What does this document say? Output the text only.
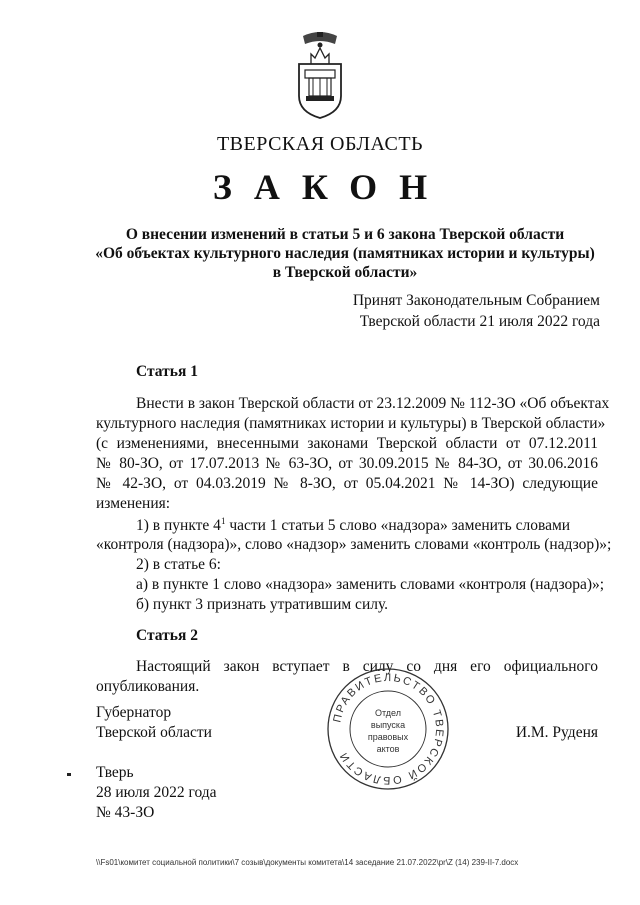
ТВЕРСКАЯ ОБЛАСТЬ
ЗАКОН
О внесении изменений в статьи 5 и 6 закона Тверской области
«Об объектах культурного наследия (памятниках истории и культуры)
в Тверской области»
Принят Законодательным Собранием
Тверской области 21 июля 2022 года
Статья 1
Внести в закон Тверской области от 23.12.2009 № 112-ЗО «Об объектах
культурного наследия (памятниках истории и культуры) в Тверской области»
(с изменениями, внесенными законами Тверской области от 07.12.2011
№ 80-ЗО, от 17.07.2013 № 63-ЗО, от 30.09.2015 № 84-ЗО, от 30.06.2016
№ 42-ЗО, от 04.03.2019 № 8-ЗО, от 05.04.2021 № 14-ЗО) следующие
изменения:
1) в пункте $4^1$ части 1 статьи 5 слово «надзора» заменить словами
«контроля (надзора)», слово «надзор» заменить словами «контроль (надзор)»;
2) в статье 6:
а) в пункте 1 слово «надзора» заменить словами «контроля (надзора)»;
б) пункт 3 признать утратившим силу.
Статья 2
Настоящий закон вступает в силу со дня его официального
опубликования.
Губернатор
Тверской области	И.М. Руденя
ПРАВИТЕЛЬСТВО ТВЕРСКОЙ ОБЛАСТИ
Отдел
выпуска
правовых
актов
Тверь
28 июля 2022 года
№ 43-ЗО
\\Fs01\комитет социальной политики\7 созыв\документы комитета\14 заседание 21.07.2022\pr\Z (14) 239-II-7.docx
